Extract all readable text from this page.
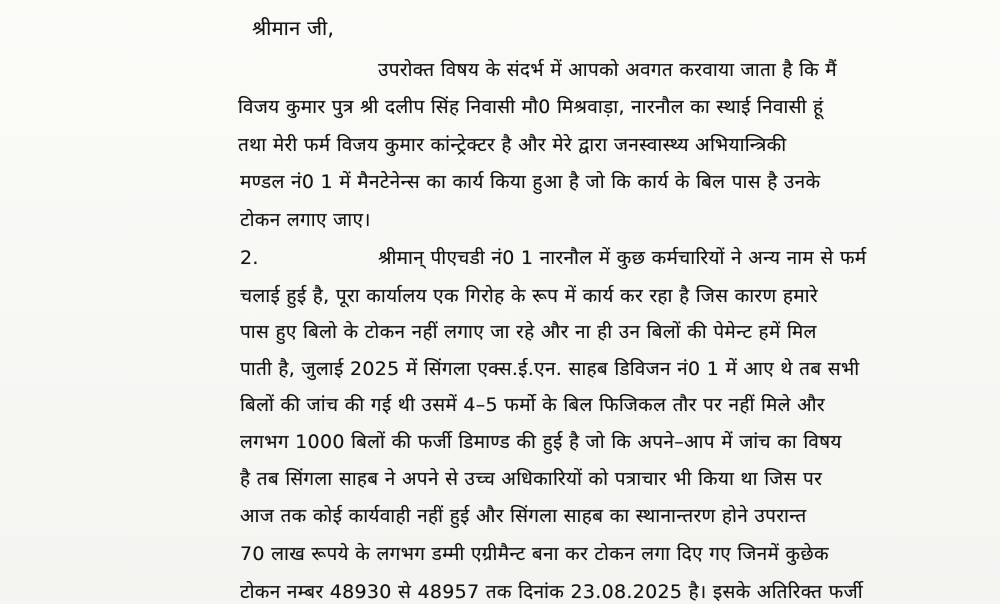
श्रीमान जी,
उपरोक्त विषय के संदर्भ में आपको अवगत करवाया जाता है कि मैं
विजय कुमार पुत्र श्री दलीप सिंह निवासी मौ0 मिश्रवाड़ा, नारनौल का स्थाई निवासी हूं
तथा मेरी फर्म विजय कुमार कांन्ट्रेक्टर है और मेरे द्वारा जनस्वास्थ्य अभियान्त्रिकी
मण्डल नं0 1 में मैनटेनेन्स का कार्य किया हुआ है जो कि कार्य के बिल पास है उनके
टोकन लगाए जाए।
2.	श्रीमान् पीएचडी नं0 1 नारनौल में कुछ कर्मचारियों ने अन्य नाम से फर्म
चलाई हुई है, पूरा कार्यालय एक गिरोह के रूप में कार्य कर रहा है जिस कारण हमारे
पास हुए बिलो के टोकन नहीं लगाए जा रहे और ना ही उन बिलों की पेमेन्ट हमें मिल
पाती है, जुलाई 2025 में सिंगला एक्स.ई.एन. साहब डिविजन नं0 1 में आए थे तब सभी
बिलों की जांच की गई थी उसमें 4–5 फर्मो के बिल फिजिकल तौर पर नहीं मिले और
लगभग 1000 बिलों की फर्जी डिमाण्ड की हुई है जो कि अपने–आप में जांच का विषय
है तब सिंगला साहब ने अपने से उच्च अधिकारियों को पत्राचार भी किया था जिस पर
आज तक कोई कार्यवाही नहीं हुई और सिंगला साहब का स्थानान्तरण होने उपरान्त
70 लाख रूपये के लगभग डम्मी एग्रीमैन्ट बना कर टोकन लगा दिए गए जिनमें कुछेक
टोकन नम्बर 48930 से 48957 तक दिनांक 23.08.2025 है। इसके अतिरिक्त फर्जी
